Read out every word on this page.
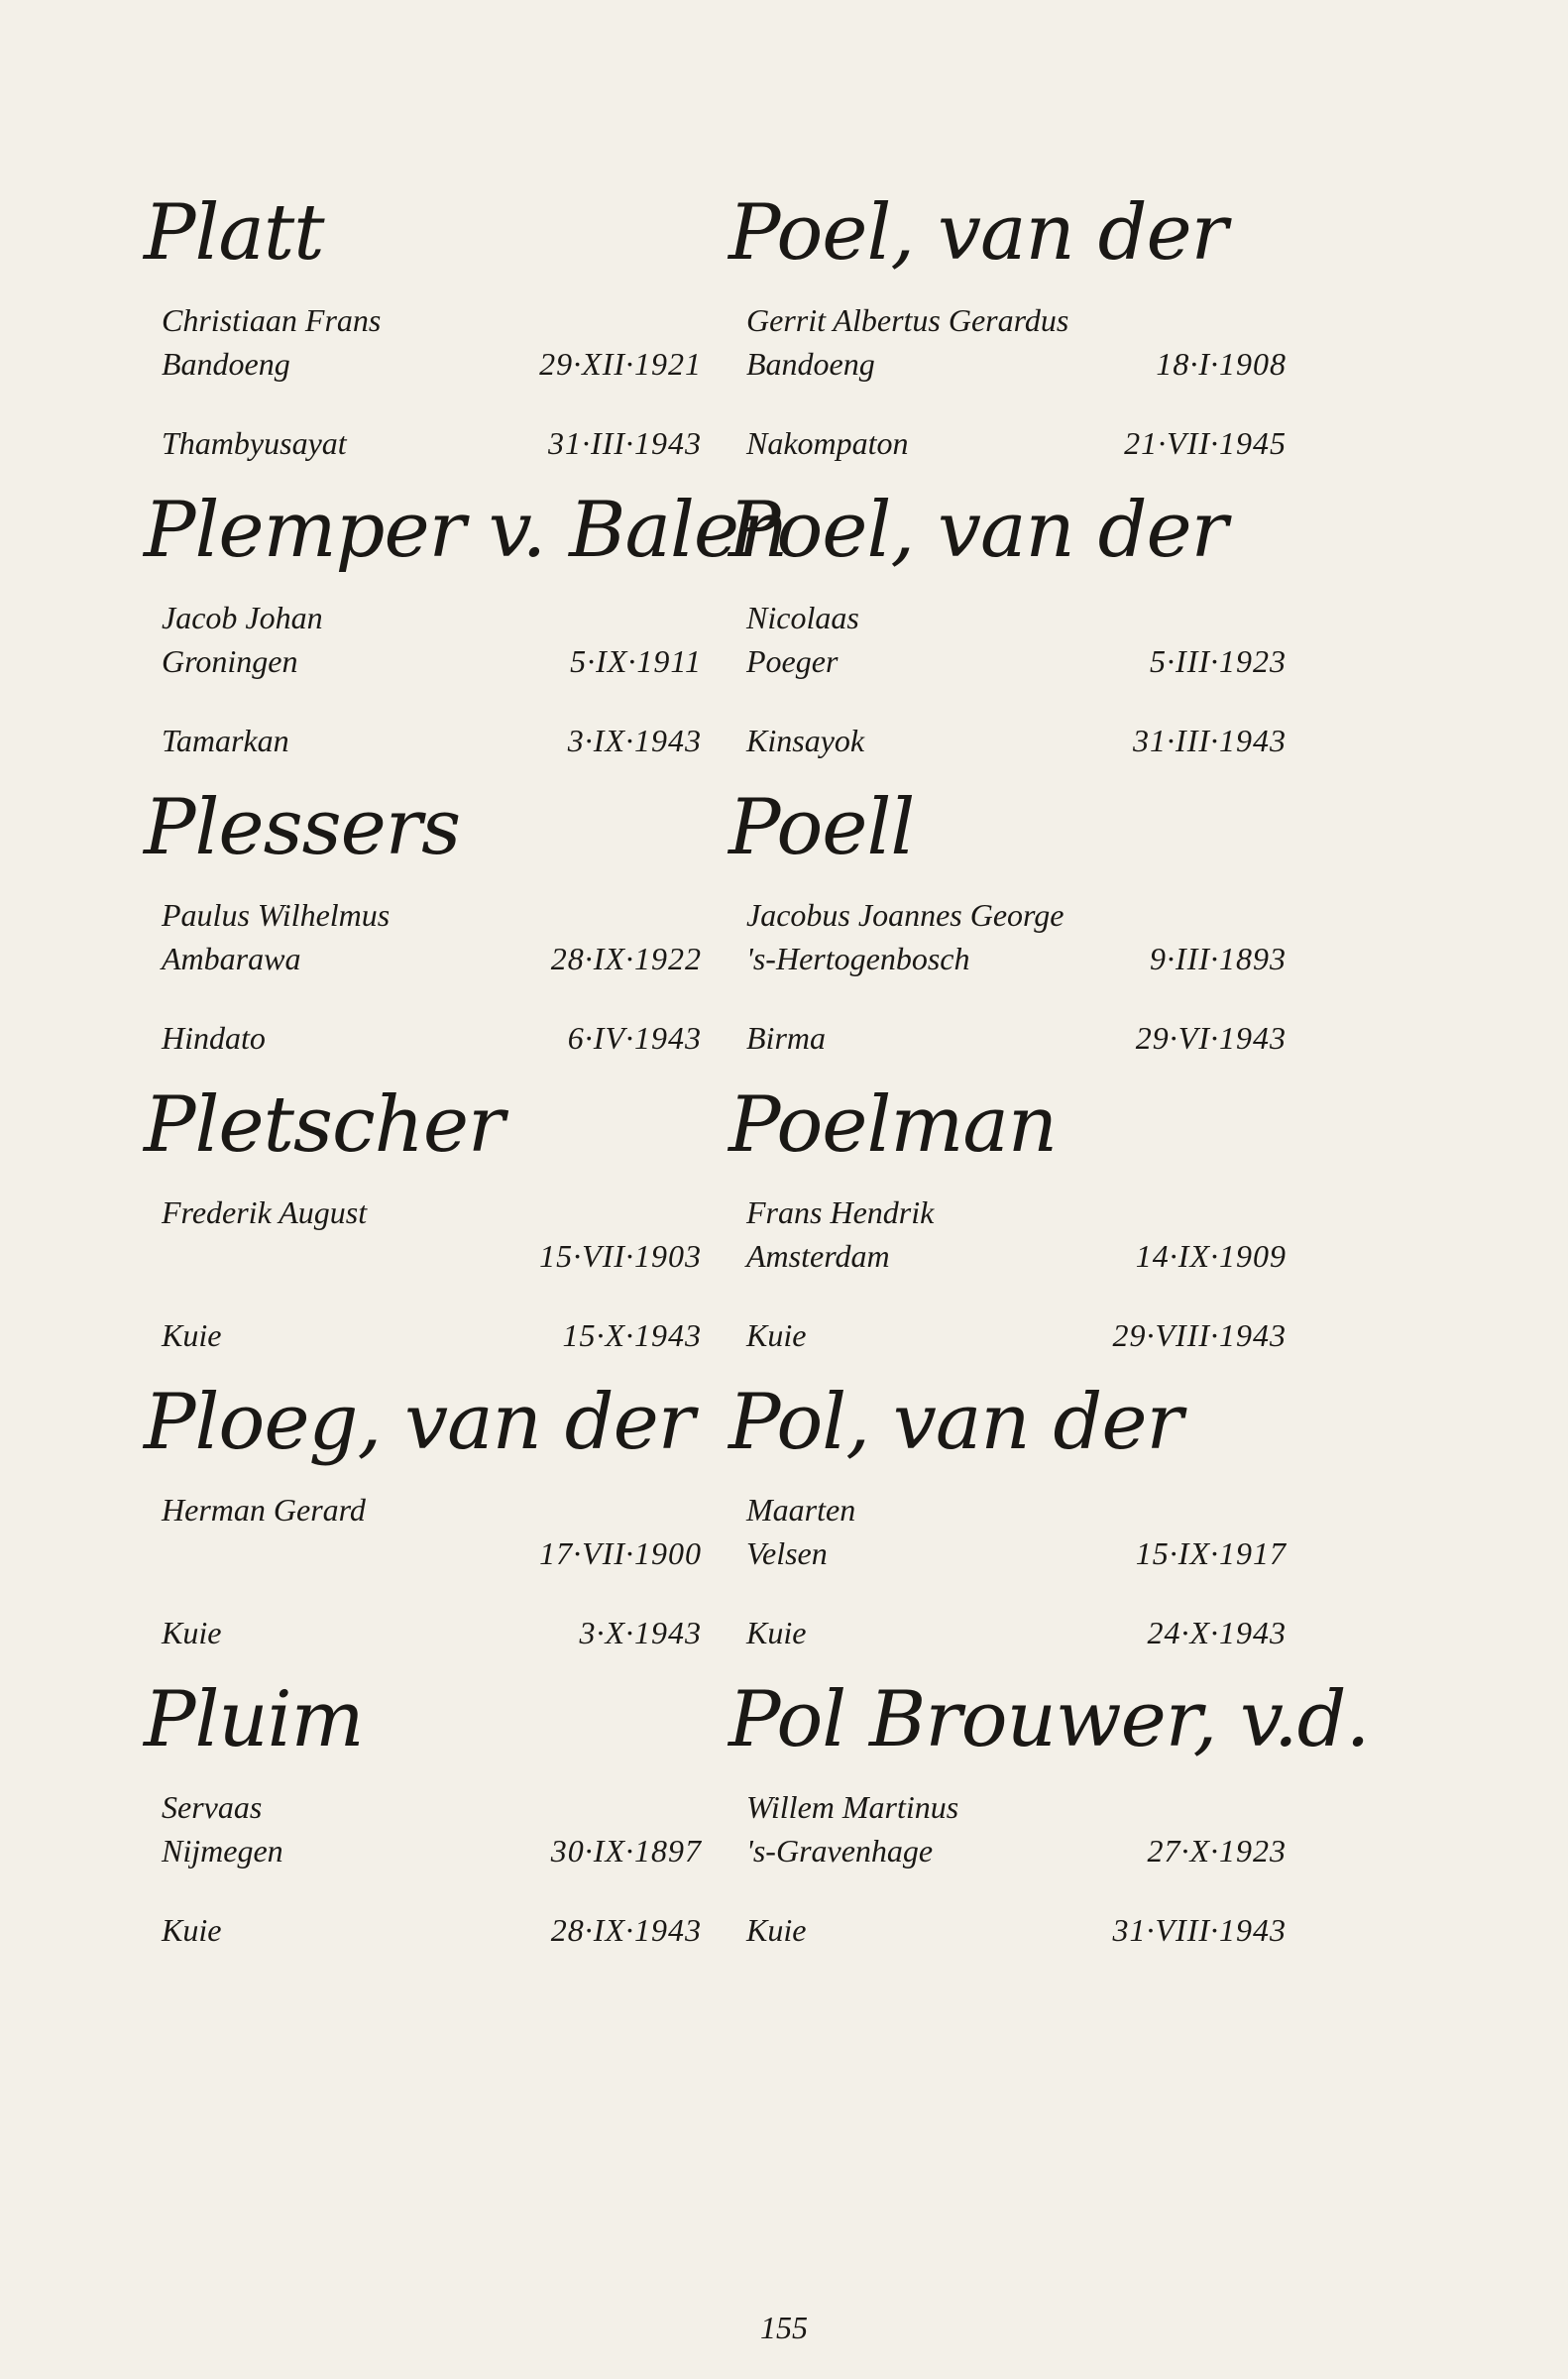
Platt
Christiaan Frans
Bandoeng	29·XII·1921
Thambyusayat	31·III·1943
Plemper v. Balen
Jacob Johan
Groningen	5·IX·1911
Tamarkan	3·IX·1943
Plessers
Paulus Wilhelmus
Ambarawa	28·IX·1922
Hindato	6·IV·1943
Pletscher
Frederik August
15·VII·1903
Kuie	15·X·1943
Ploeg, van der
Herman Gerard
17·VII·1900
Kuie	3·X·1943
Pluim
Servaas
Nijmegen	30·IX·1897
Kuie	28·IX·1943
Poel, van der
Gerrit Albertus Gerardus
Bandoeng	18·I·1908
Nakompaton	21·VII·1945
Poel, van der
Nicolaas
Poeger	5·III·1923
Kinsayok	31·III·1943
Poell
Jacobus Joannes George
's-Hertogenbosch	9·III·1893
Birma	29·VI·1943
Poelman
Frans Hendrik
Amsterdam	14·IX·1909
Kuie	29·VIII·1943
Pol, van der
Maarten
Velsen	15·IX·1917
Kuie	24·X·1943
Pol Brouwer, v.d.
Willem Martinus
's-Gravenhage	27·X·1923
Kuie	31·VIII·1943
155
